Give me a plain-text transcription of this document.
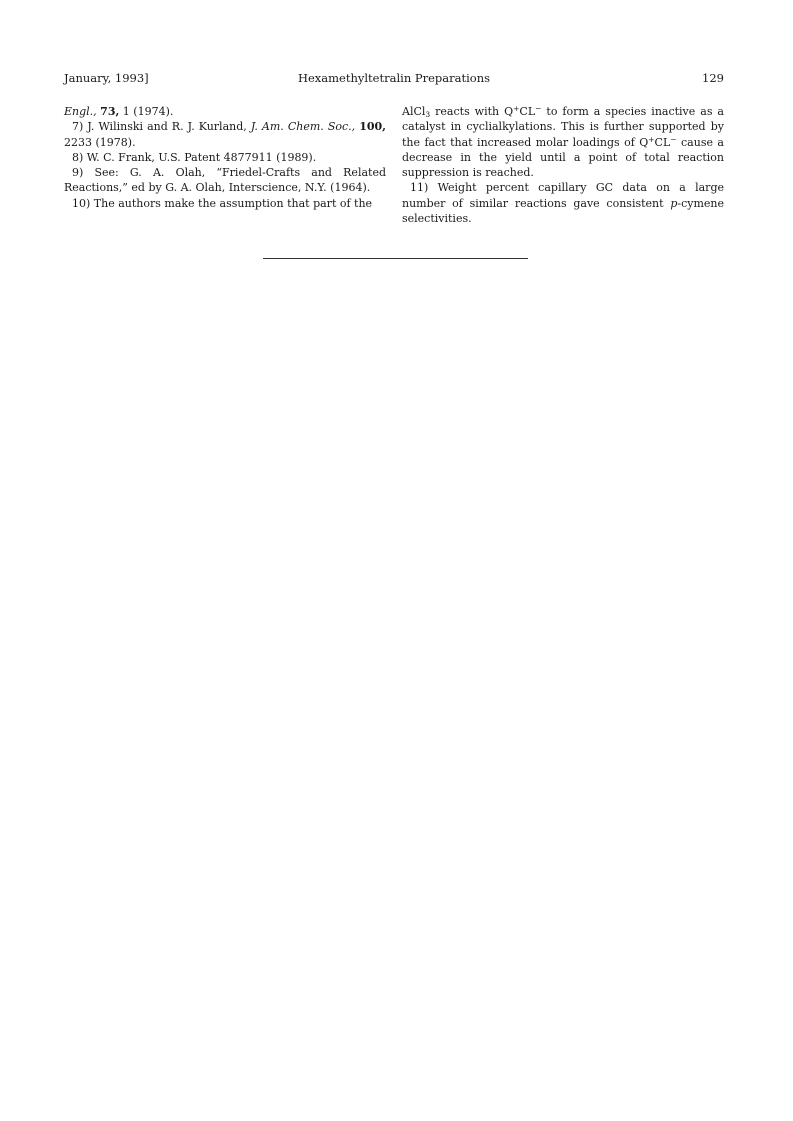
January, 1993]	Hexamethyltetralin Preparations	129
Engl., 73, 1 (1974).
7) J. Wilinski and R. J. Kurland, J. Am. Chem. Soc., 100, 2233 (1978).
8) W. C. Frank, U.S. Patent 4877911 (1989).
9) See: G. A. Olah, “Friedel-Crafts and Related Reactions,” ed by G. A. Olah, Interscience, N.Y. (1964).
10) The authors make the assumption that part of the
AlCl$_3$ reacts with Q+CL− to form a species inactive as a catalyst in cyclialkylations. This is further supported by the fact that increased molar loadings of Q+CL− cause a decrease in the yield until a point of total reaction suppression is reached.
11) Weight percent capillary GC data on a large number of similar reactions gave consistent p-cymene selectivities.
